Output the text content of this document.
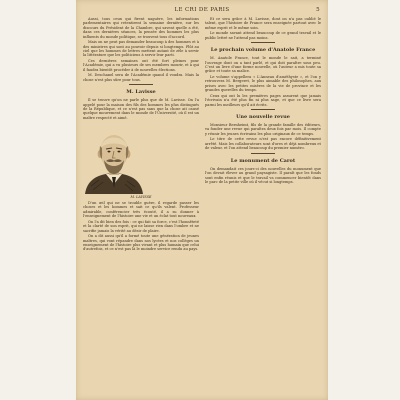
LE CRI DE PARIS	5

Aussi, tous ceux qui firent naguère, les informations parlementaires qui retentirent la semaine dernière, sur les discours du Président de la Chambre, qui savent quelle a été, dans ces dernières séances, la pensée des hommes les plus influents du monde politique, se trouvent tous d'accord.

Mais on ne peut pas demander beaucoup à des hommes et à des ministres qui sont au pouvoir depuis si longtemps. Plût au ciel que les hommes de lettres mettent autant de zèle à servir la littérature que les politiciens à servir leur parti.

Ces dernières semaines ont été fort pleines pour l'Académie, qui a vu plusieurs de ses membres mourir, et à qui il faudra bientôt procéder à de nouvelles élections.

M. Deschanel sera de l'Académie quand il voudra. Mais la chose n'est plus sûre pour tous.

M. Lavisse

Il se trouve qu'on ne parle plus que de M. Lavisse. On l'a appelé pour la maison des fils des hommes les plus distingués de la République, et ce n'est pas sans que la chose ait causé quelque mouvement dans le monde de l'Université, où il est un maître respecté et aimé.

M. LAVISSE

D'un œil qui ne se trouble guère, il regarde passer les choses et les hommes et sait ce qu'ils valent. Professeur admirable, conférencier très écouté, il a su donner à l'enseignement de l'histoire une vie et un éclat tout nouveaux.

On l'a dit bien des fois : ce qui fait sa force, c'est l'honnêteté et la clarté de son esprit, qui ne laisse rien dans l'ombre et ne sacrifie jamais la vérité au désir de plaire.

On a dit aussi qu'il a formé toute une génération de jeunes maîtres, qui vont répandre dans nos lycées et nos collèges un enseignement de l'histoire plus vivant et plus humain que celui d'autrefois, et ce n'est pas là le moindre service rendu au pays.

Et ce sera grâce à M. Lavisse, dont on n'a pas oublié le talent, que l'histoire de France sera enseignée partout avec le même esprit et le même soin.

Le monde savant attend beaucoup de ce grand travail et le public lettré ne l'attend pas moins.

Le prochain volume d'Anatole France

M. Anatole France, tout le monde le sait, a terminé l'ouvrage dont on a tant parlé, et qui doit paraître sous peu. C'est un livre d'une forme nouvelle, où l'auteur a mis toute sa grâce et toute sa malice.

Le volume s'appellera « L'Anneau d'améthyste », et l'on y retrouvera M. Bergeret, le plus aimable des philosophes, aux prises avec les petites misères de la vie de province et les grandes querelles du temps.

Ceux qui ont lu les premières pages assurent que jamais l'écrivain n'a été plus fin ni plus sage, et que ce livre sera parmi les meilleurs qu'il ait écrits.

Une nouvelle revue

Monsieur Bernheimt, fils de la grande famille des éditeurs, va fonder une revue qui paraîtra deux fois par mois. Il compte y réunir les jeunes écrivains les plus originaux de ce temps.

Le titre de cette revue n'est pas encore définitivement arrêté. Mais les collaborateurs sont d'ores et déjà nombreux et de valeur, et l'on attend beaucoup du premier numéro.

Le monument de Carot

On demandait ces jours-ci des nouvelles du monument que l'on devait élever au grand paysagiste. Il paraît que les fonds sont enfin réunis et que le travail va commencer bientôt dans le parc de la petite ville où il vécut si longtemps.
